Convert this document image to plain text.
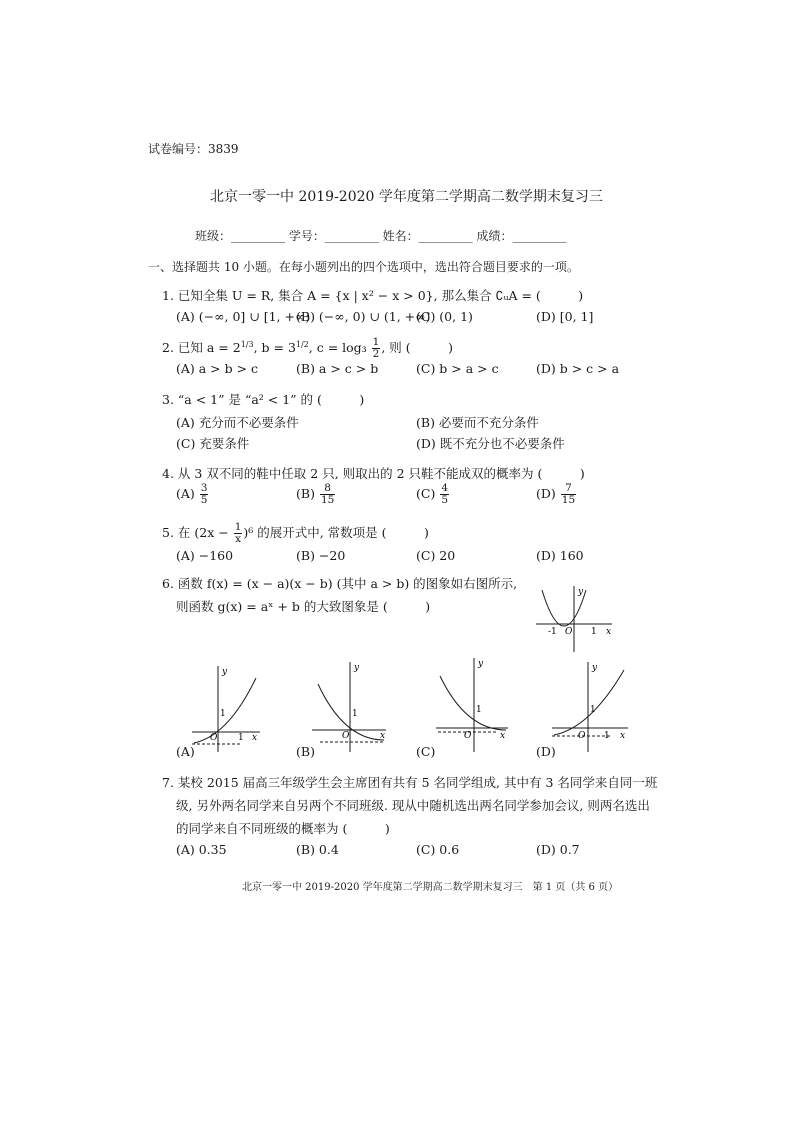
试卷编号：3839
北京一零一中 2019-2020 学年度第二学期高二数学期末复习三
班级：_________ 学号：_________ 姓名：_________ 成绩：_________
一、选择题共 10 小题。在每小题列出的四个选项中，选出符合题目要求的一项。
1. 已知全集 U = R, 集合 A = {x | x² − x > 0}, 那么集合 ∁ᵤA = (　　　)
(A) (−∞, 0] ∪ [1, +∞)
(B) (−∞, 0) ∪ (1, +∞)
(C) (0, 1)	(D) [0, 1]
2. 已知 $a = 2^{1/3}$, $b = 3^{1/2}$, $c = \log_3 \frac{1}{2}$ , 则 (　　　)
(A) a > b > c	(B) a > c > b	(C) b > a > c	(D) b > c > a
3. “a < 1” 是 “a² < 1” 的 (　　　)
(A) 充分而不必要条件	(B) 必要而不充分条件
(C) 充要条件	(D) 既不充分也不必要条件
4. 从 3 双不同的鞋中任取 2 只, 则取出的 2 只鞋不能成双的概率为 (　　　)
$(A) \frac{3}{5}$	$(B) \frac{8}{15}$	$(C) \frac{4}{5}$	$(D) \frac{7}{15}$
5. 在 $(2x - \frac{1}{x} )^6$ 的展开式中, 常数项是 (　　　)
(A) −160	(B) −20	(C) 20	(D) 160
6. 函数 f(x) = (x − a)(x − b) (其中 a > b) 的图象如右图所示,
则函数 g(x) = aˣ + b 的大致图象是 (　　　)
y
x
-1 O 1
y
x
O 1
1
y
x
O
1
y
x
O
1
y
x
O 1
1
(A)	(B)	(C)	(D)
7. 某校 2015 届高三年级学生会主席团有共有 5 名同学组成, 其中有 3 名同学来自同一班
级, 另外两名同学来自另两个不同班级. 现从中随机选出两名同学参加会议, 则两名选出
的同学来自不同班级的概率为 (　　　)
(A) 0.35	(B) 0.4	(C) 0.6	(D) 0.7
北京一零一中 2019-2020 学年度第二学期高二数学期末复习三　第 1 页（共 6 页）
